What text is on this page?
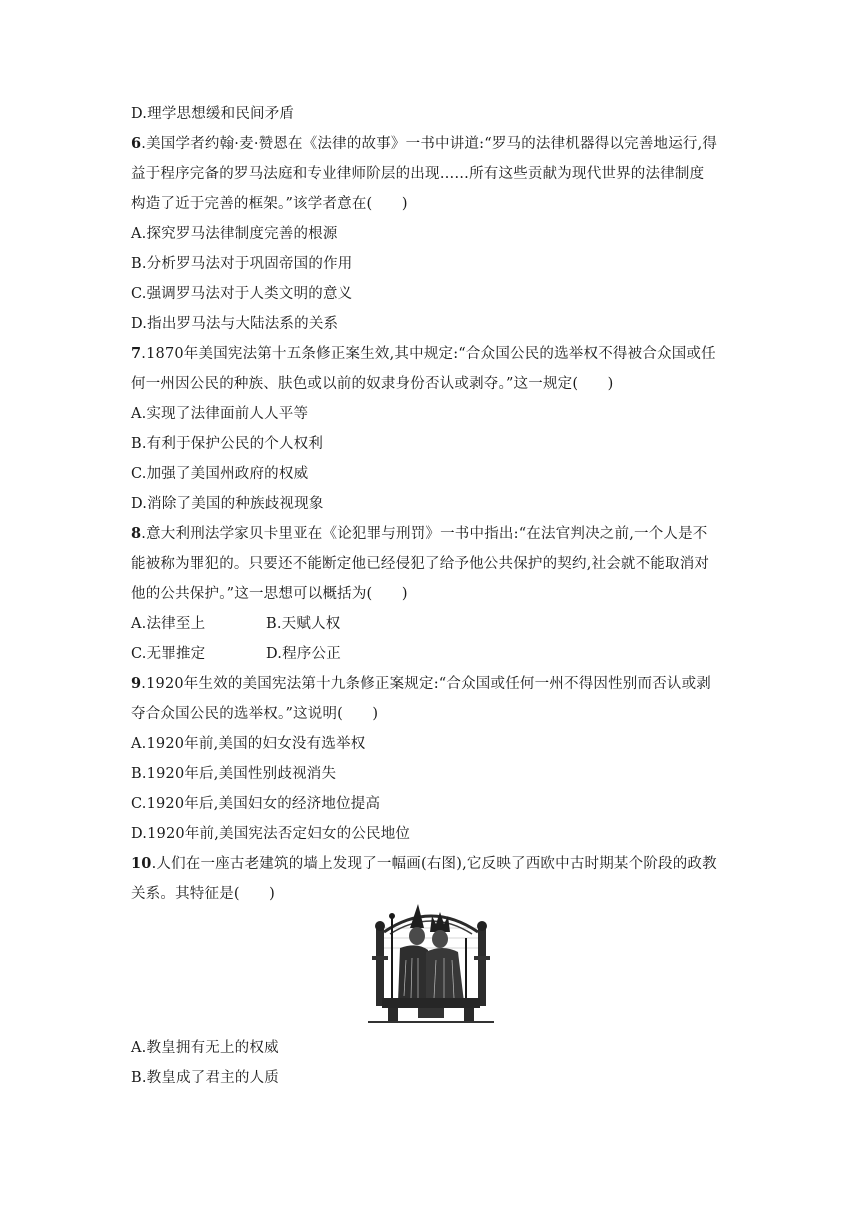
D.理学思想缓和民间矛盾
6.美国学者约翰·麦·赞恩在《法律的故事》一书中讲道:“罗马的法律机器得以完善地运行,得
益于程序完备的罗马法庭和专业律师阶层的出现……所有这些贡献为现代世界的法律制度
构造了近于完善的框架。”该学者意在(　　)
A.探究罗马法律制度完善的根源
B.分析罗马法对于巩固帝国的作用
C.强调罗马法对于人类文明的意义
D.指出罗马法与大陆法系的关系
7.1870年美国宪法第十五条修正案生效,其中规定:“合众国公民的选举权不得被合众国或任
何一州因公民的种族、肤色或以前的奴隶身份否认或剥夺。”这一规定(　　)
A.实现了法律面前人人平等
B.有利于保护公民的个人权利
C.加强了美国州政府的权威
D.消除了美国的种族歧视现象
8.意大利刑法学家贝卡里亚在《论犯罪与刑罚》一书中指出:“在法官判决之前,一个人是不
能被称为罪犯的。只要还不能断定他已经侵犯了给予他公共保护的契约,社会就不能取消对
他的公共保护。”这一思想可以概括为(　　)
A.法律至上	B.天赋人权
C.无罪推定	D.程序公正
9.1920年生效的美国宪法第十九条修正案规定:“合众国或任何一州不得因性别而否认或剥
夺合众国公民的选举权。”这说明(　　)
A.1920年前,美国的妇女没有选举权
B.1920年后,美国性别歧视消失
C.1920年后,美国妇女的经济地位提高
D.1920年前,美国宪法否定妇女的公民地位
10.人们在一座古老建筑的墙上发现了一幅画(右图),它反映了西欧中古时期某个阶段的政教
关系。其特征是(　　)
A.教皇拥有无上的权威
B.教皇成了君主的人质
